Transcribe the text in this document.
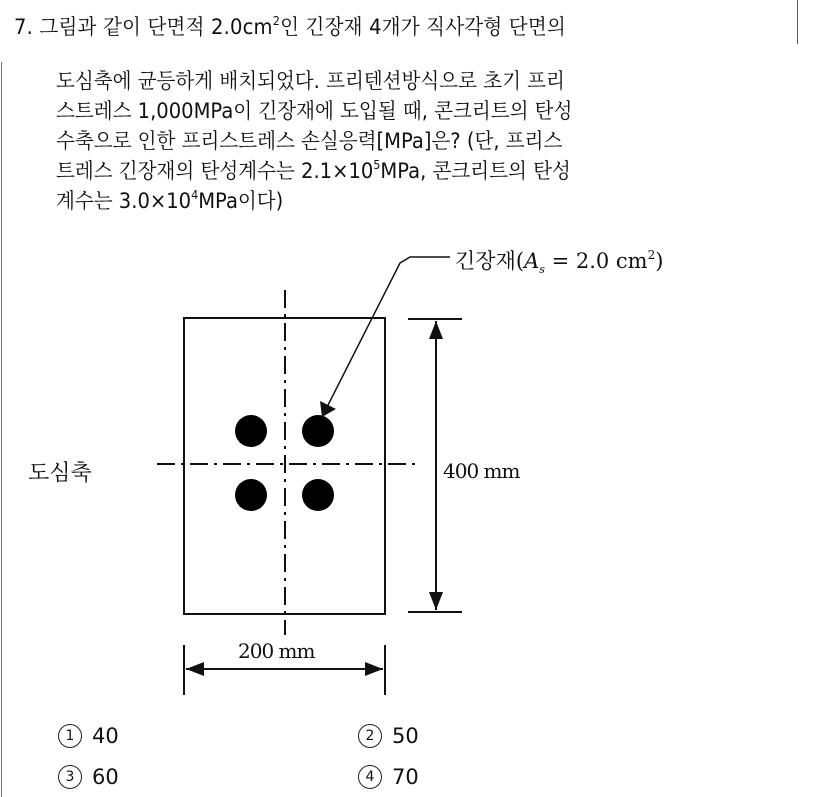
7. 그림과 같이 단면적 $2.0cm^2$인 긴장재 4개가 직사각형 단면의
도심축에 균등하게 배치되었다. 프리텐션방식으로 초기 프리
스트레스 1,000MPa이 긴장재에 도입될 때, 콘크리트의 탄성
수축으로 인한 프리스트레스 손실응력[MPa]은? (단, 프리스
트레스 긴장재의 탄성계수는 $2.1\times 10^5MPa$, 콘크리트의 탄성
계수는 $3.0\times 10^4MPa$이다)
긴장재($A_s = 2.0$ $cm^2$)
도심축	400 mm
200 mm
1 40	2 50
3 60	4 70
